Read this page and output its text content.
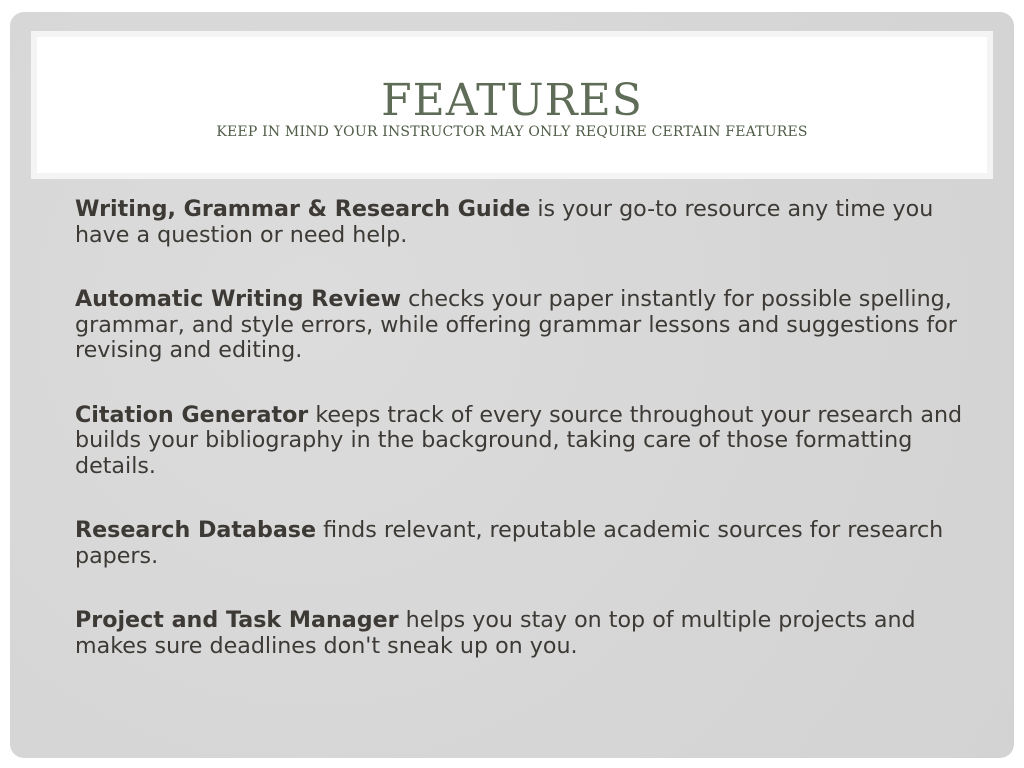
FEATURES
KEEP IN MIND YOUR INSTRUCTOR MAY ONLY REQUIRE CERTAIN FEATURES

Writing, Grammar & Research Guide is your go-to resource any time you have a question or need help.

Automatic Writing Review checks your paper instantly for possible spelling, grammar, and style errors, while offering grammar lessons and suggestions for revising and editing.

Citation Generator keeps track of every source throughout your research and builds your bibliography in the background, taking care of those formatting details.

Research Database finds relevant, reputable academic sources for research papers.

Project and Task Manager helps you stay on top of multiple projects and makes sure deadlines don't sneak up on you.
